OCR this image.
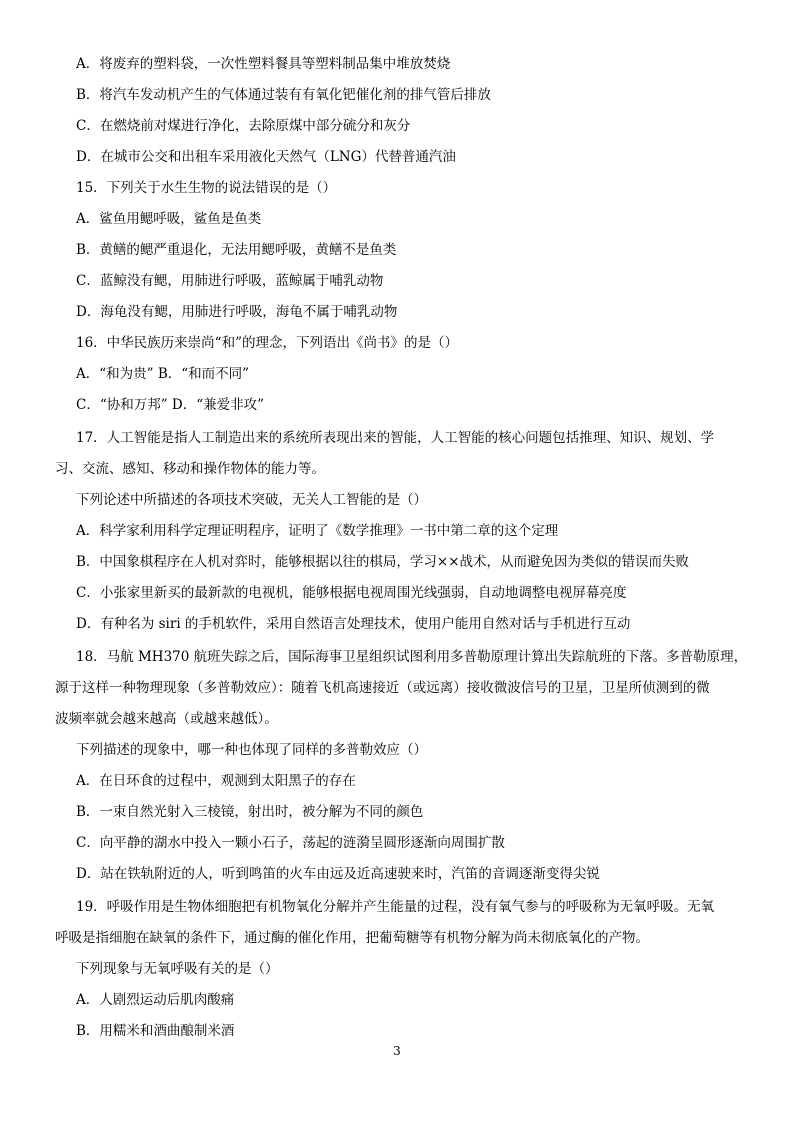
A．将废弃的塑料袋，一次性塑料餐具等塑料制品集中堆放焚烧
B．将汽车发动机产生的气体通过装有有氧化钯催化剂的排气管后排放
C．在燃烧前对煤进行净化，去除原煤中部分硫分和灰分
D．在城市公交和出租车采用液化天然气（LNG）代替普通汽油
15．下列关于水生生物的说法错误的是（）
A．鲨鱼用鳃呼吸，鲨鱼是鱼类
B．黄鳝的鳃严重退化，无法用鳃呼吸，黄鳝不是鱼类
C．蓝鲸没有鳃，用肺进行呼吸，蓝鲸属于哺乳动物
D．海龟没有鳃，用肺进行呼吸，海龟不属于哺乳动物
16．中华民族历来崇尚“和”的理念，下列语出《尚书》的是（）
A．“和为贵” B．“和而不同”
C．“协和万邦” D．“兼爱非攻”
17．人工智能是指人工制造出来的系统所表现出来的智能，人工智能的核心问题包括推理、知识、规划、学
习、交流、感知、移动和操作物体的能力等。
下列论述中所描述的各项技术突破，无关人工智能的是（）
A．科学家利用科学定理证明程序，证明了《数学推理》一书中第二章的这个定理
B．中国象棋程序在人机对弈时，能够根据以往的棋局，学习××战术，从而避免因为类似的错误而失败
C．小张家里新买的最新款的电视机，能够根据电视周围光线强弱，自动地调整电视屏幕亮度
D．有种名为 siri 的手机软件，采用自然语言处理技术，使用户能用自然对话与手机进行互动
18．马航 MH370 航班失踪之后，国际海事卫星组织试图利用多普勒原理计算出失踪航班的下落。多普勒原理，
源于这样一种物理现象（多普勒效应）：随着飞机高速接近（或远离）接收微波信号的卫星，卫星所侦测到的微
波频率就会越来越高（或越来越低）。
下列描述的现象中，哪一种也体现了同样的多普勒效应（）
A．在日环食的过程中，观测到太阳黑子的存在
B．一束自然光射入三棱镜，射出时，被分解为不同的颜色
C．向平静的湖水中投入一颗小石子，荡起的涟漪呈圆形逐渐向周围扩散
D．站在铁轨附近的人，听到鸣笛的火车由远及近高速驶来时，汽笛的音调逐渐变得尖锐
19．呼吸作用是生物体细胞把有机物氧化分解并产生能量的过程，没有氧气参与的呼吸称为无氧呼吸。无氧
呼吸是指细胞在缺氧的条件下，通过酶的催化作用，把葡萄糖等有机物分解为尚未彻底氧化的产物。
下列现象与无氧呼吸有关的是（）
A．人剧烈运动后肌肉酸痛
B．用糯米和酒曲酿制米酒
3
